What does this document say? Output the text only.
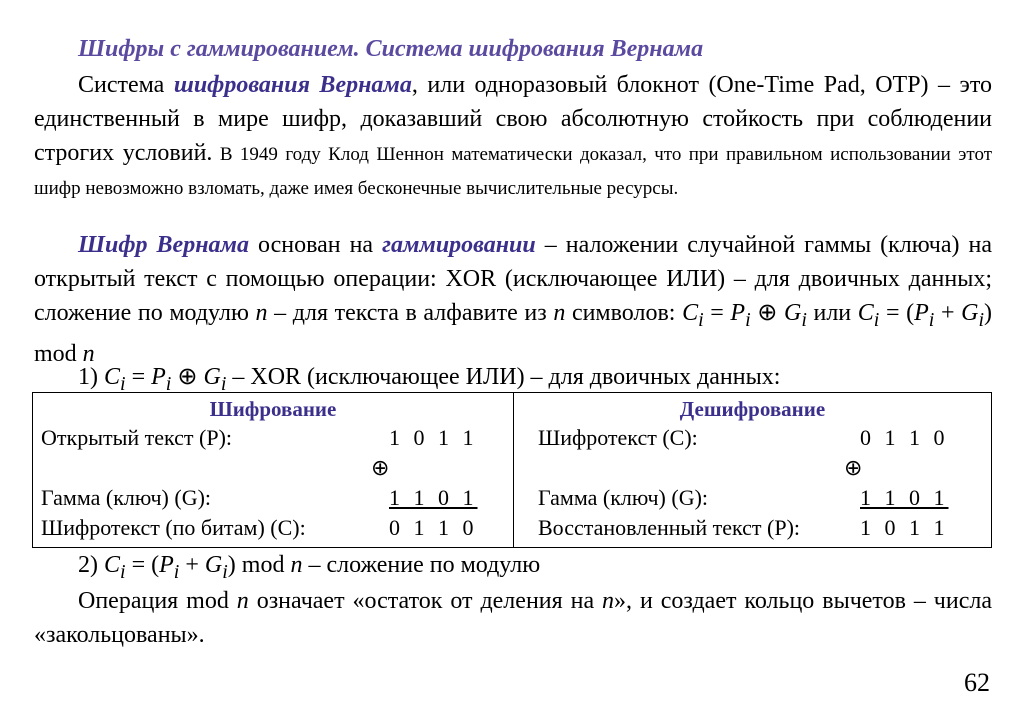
Шифры с гаммированием. Система шифрования Вернама
Система шифрования Вернама, или одноразовый блокнот (One-Time Pad, OTP) – это единственный в мире шифр, доказавший свою абсолютную стойкость при соблюдении строгих условий. В 1949 году Клод Шеннон математически доказал, что при правильном использовании этот шифр невозможно взломать, даже имея бесконечные вычислительные ресурсы.
Шифр Вернама основан на гаммировании – наложении случайной гаммы (ключа) на открытый текст с помощью операции: XOR (исключающее ИЛИ) – для двоичных данных; сложение по модулю n – для текста в алфавите из n символов: $C_i = P_i$ ⊕ $G_i$ или $C_i = (P_i + G_i)$ mod n
1) $C_i = P_i$ ⊕ $G_i$ – XOR (исключающее ИЛИ) – для двоичных данных:
Шифрование
Открытый текст (P):	1 0 1 1
⊕
Гамма (ключ) (G):	1 1 0 1
Шифротекст (по битам) (C):	0 1 1 0

Дешифрование
Шифротекст (C):	0 1 1 0
⊕
Гамма (ключ) (G):	1 1 0 1
Восстановленный текст (P):	1 0 1 1
2) $C_i = (P_i + G_i)$ mod n – сложение по модулю
Операция mod n означает «остаток от деления на n», и создает кольцо вычетов – числа «закольцованы».
62
